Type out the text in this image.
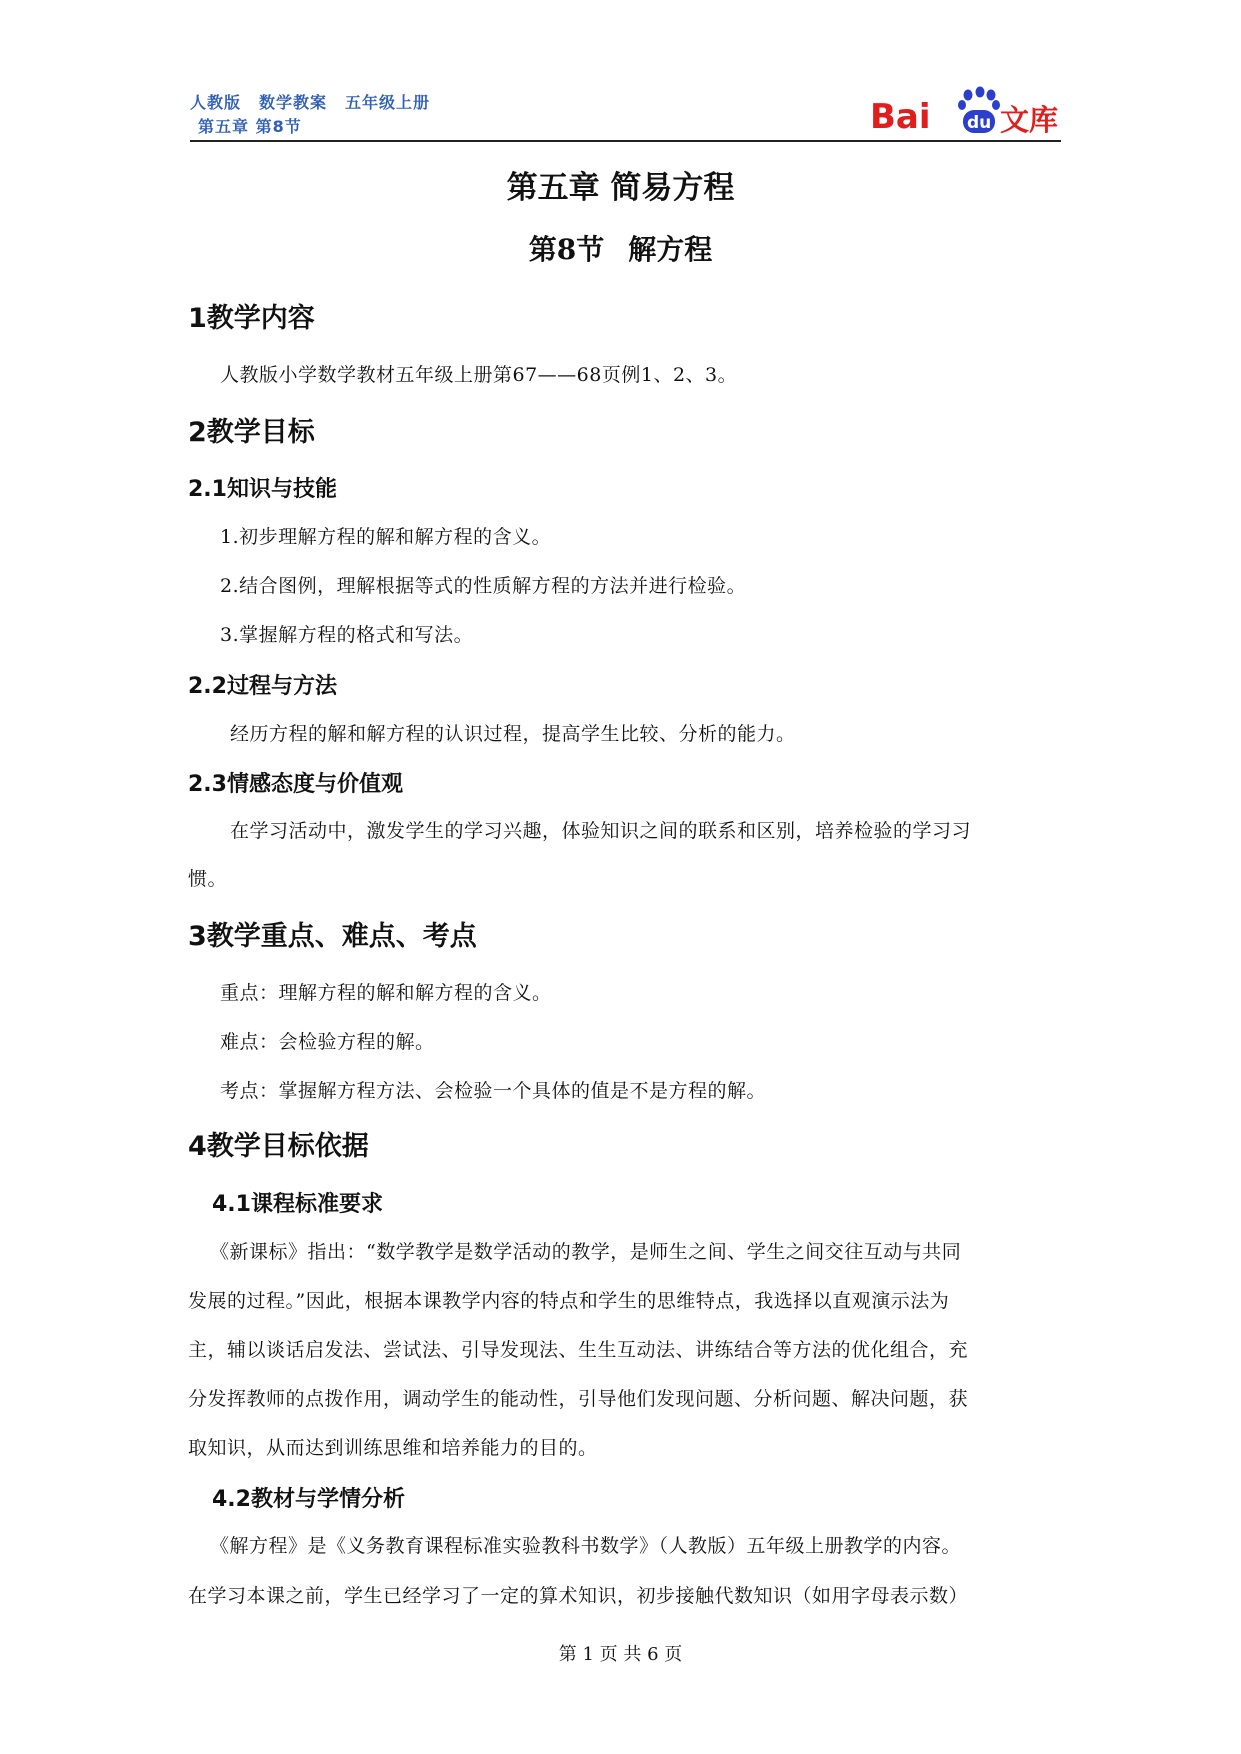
人教版 数学教案 五年级上册
第五章 第8节	Bai du 文库
第五章 简易方程
第8节 解方程
1教学内容
人教版小学数学教材五年级上册第67——68页例1、2、3。
2教学目标
2.1知识与技能
1.初步理解方程的解和解方程的含义。
2.结合图例，理解根据等式的性质解方程的方法并进行检验。
3.掌握解方程的格式和写法。
2.2过程与方法
经历方程的解和解方程的认识过程，提高学生比较、分析的能力。
2.3情感态度与价值观
在学习活动中，激发学生的学习兴趣，体验知识之间的联系和区别，培养检验的学习习
惯。
3教学重点、难点、考点
重点：理解方程的解和解方程的含义。
难点：会检验方程的解。
考点：掌握解方程方法、会检验一个具体的值是不是方程的解。
4教学目标依据
4.1课程标准要求
《新课标》指出：“数学教学是数学活动的教学，是师生之间、学生之间交往互动与共同
发展的过程。”因此，根据本课教学内容的特点和学生的思维特点，我选择以直观演示法为
主，辅以谈话启发法、尝试法、引导发现法、生生互动法、讲练结合等方法的优化组合，充
分发挥教师的点拨作用，调动学生的能动性，引导他们发现问题、分析问题、解决问题，获
取知识，从而达到训练思维和培养能力的目的。
4.2教材与学情分析
《解方程》是《义务教育课程标准实验教科书数学》（人教版）五年级上册教学的内容。
在学习本课之前，学生已经学习了一定的算术知识，初步接触代数知识（如用字母表示数）
第 1 页 共 6 页
